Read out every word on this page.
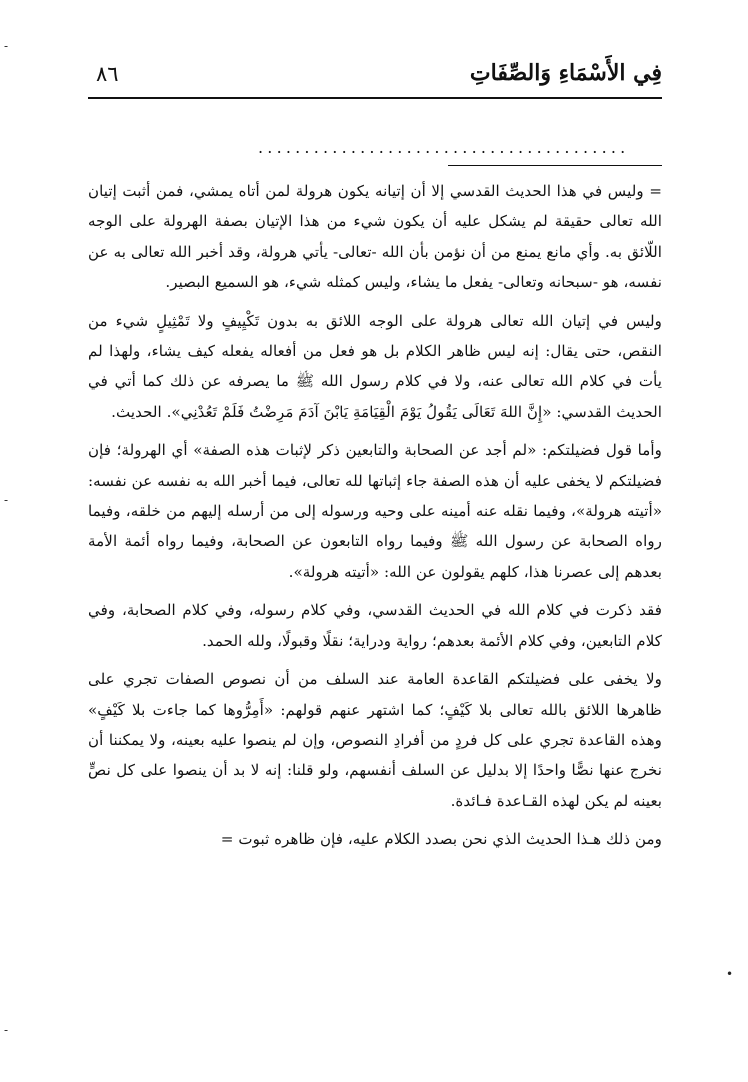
فِي الأَسْمَاءِ وَالصِّفَاتِ
٨٦
........................................

= وليس في هذا الحديث القدسي إلا أن إتيانه يكون هرولة لمن أتاه يمشي، فمن أثبت إتيان الله تعالى حقيقة لم يشكل عليه أن يكون شيء من هذا الإتيان بصفة الهرولة على الوجه اللّائق به. وأي مانع يمنع من أن نؤمن بأن الله -تعالى- يأتي هرولة، وقد أخبر الله تعالى به عن نفسه، هو -سبحانه وتعالى- يفعل ما يشاء، وليس كمثله شيء، هو السميع البصير.

وليس في إتيان الله تعالى هرولة على الوجه اللائق به بدون تَكْيِيفٍ ولا تَمْثِيلٍ شيء من النقص، حتى يقال: إنه ليس ظاهر الكلام بل هو فعل من أفعاله يفعله كيف يشاء، ولهذا لم يأت في كلام الله تعالى عنه، ولا في كلام رسول الله ﷺ ما يصرفه عن ذلك كما أتي في الحديث القدسي: «إِنَّ اللهَ تَعَالَى يَقُولُ يَوْمَ الْقِيَامَةِ يَابْنَ آدَمَ مَرِضْتُ فَلَمْ تَعُدْنِي». الحديث.

وأما قول فضيلتكم: «لم أجد عن الصحابة والتابعين ذكر لإثبات هذه الصفة» أي الهرولة؛ فإن فضيلتكم لا يخفى عليه أن هذه الصفة جاء إثباتها لله تعالى، فيما أخبر الله به نفسه عن نفسه: «أتيته هرولة»، وفيما نقله عنه أمينه على وحيه ورسوله إلى من أرسله إليهم من خلقه، وفيما رواه الصحابة عن رسول الله ﷺ وفيما رواه التابعون عن الصحابة، وفيما رواه أئمة الأمة بعدهم إلى عصرنا هذا، كلهم يقولون عن الله: «أتيته هرولة».

فقد ذكرت في كلام الله في الحديث القدسي، وفي كلام رسوله، وفي كلام الصحابة، وفي كلام التابعين، وفي كلام الأئمة بعدهم؛ رواية ودراية؛ نقلًا وقبولًا، ولله الحمد.

ولا يخفى على فضيلتكم القاعدة العامة عند السلف من أن نصوص الصفات تجري على ظاهرها اللائق بالله تعالى بلا كَيْفٍ؛ كما اشتهر عنهم قولهم: «أَمِرُّوها كما جاءت بلا كَيْفٍ» وهذه القاعدة تجري على كل فردٍ من أفرادِ النصوص، وإن لم ينصوا عليه بعينه، ولا يمكننا أن نخرج عنها نصًّا واحدًا إلا بدليل عن السلف أنفسهم، ولو قلنا: إنه لا بد أن ينصوا على كل نصٍّ بعينه لم يكن لهذه القـاعدة فـائدة.

ومن ذلك هـذا الحديث الذي نحن بصدد الكلام عليه، فإن ظاهره ثبوت =

-
-
•
-
